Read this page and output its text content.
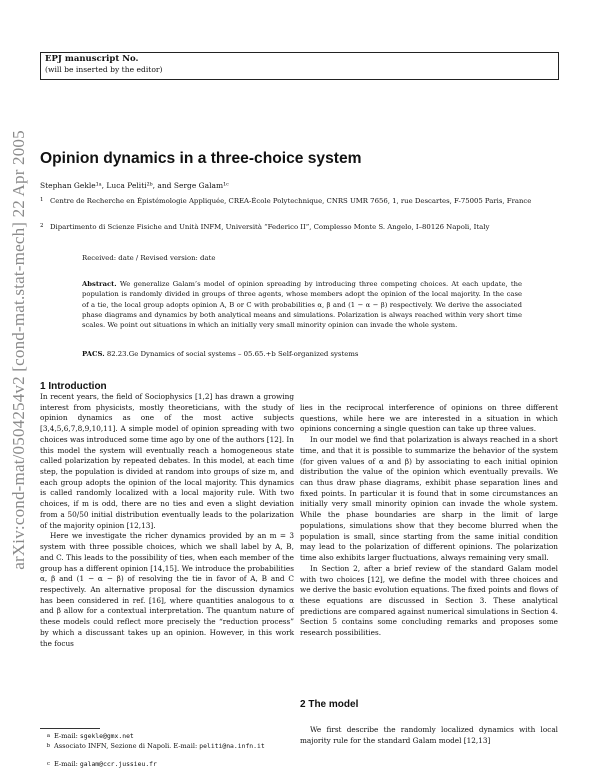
EPJ manuscript No.
(will be inserted by the editor)
arXiv:cond-mat/0504254v2 [cond-mat.stat-mech] 22 Apr 2005 Opinion dynamics in a three-choice system
Stephan Gekle¹ᵃ, Luca Peliti²ᵇ, and Serge Galam¹ᶜ
1 Centre de Recherche en Épistémologie Appliquée, CREA-École Polytechnique, CNRS UMR 7656, 1, rue Descartes, F-75005 Paris, France
2 Dipartimento di Scienze Fisiche and Unità INFM, Università “Federico II”, Complesso Monte S. Angelo, I–80126 Napoli, Italy
Received: date / Revised version: date
Abstract. We generalize Galam’s model of opinion spreading by introducing three competing choices. At each update, the population is randomly divided in groups of three agents, whose members adopt the opinion of the local majority. In the case of a tie, the local group adopts opinion A, B or C with probabilities α, β and (1 − α − β) respectively. We derive the associated phase diagrams and dynamics by both analytical means and simulations. Polarization is always reached within very short time scales. We point out situations in which an initially very small minority opinion can invade the whole system.
PACS. 82.23.Ge Dynamics of social systems – 05.65.+b Self-organized systems
1 Introduction

In recent years, the field of Sociophysics [1,2] has drawn a growing interest from physicists, mostly theoreticians, with the study of opinion dynamics as one of the most active subjects [3,4,5,6,7,8,9,10,11]. A simple model of opinion spreading with two choices was introduced some time ago by one of the authors [12]. In this model the system will eventually reach a homogeneous state called polarization by repeated debates. In this model, at each time step, the population is divided at random into groups of size m, and each group adopts the opinion of the local majority. This dynamics is called randomly localized with a local majority rule. With two choices, if m is odd, there are no ties and even a slight deviation from a 50/50 initial distribution eventually leads to the polarization of the majority opinion [12,13].

Here we investigate the richer dynamics provided by an m = 3 system with three possible choices, which we shall label by A, B, and C. This leads to the possibility of ties, when each member of the group has a different opinion [14,15]. We introduce the probabilities α, β and (1 − α − β) of resolving the tie in favor of A, B and C respectively. An alternative proposal for the discussion dynamics has been considered in ref. [16], where quantities analogous to α and β allow for a contextual interpretation. The quantum nature of these models could reflect more precisely the “reduction process” by which a discussant takes up an opinion. However, in this work the focus

lies in the reciprocal interference of opinions on three different questions, while here we are interested in a situation in which opinions concerning a single question can take up three values.

In our model we find that polarization is always reached in a short time, and that it is possible to summarize the behavior of the system (for given values of α and β) by associating to each initial opinion distribution the value of the opinion which eventually prevails. We can thus draw phase diagrams, exhibit phase separation lines and fixed points. In particular it is found that in some circumstances an initially very small minority opinion can invade the whole system. While the phase boundaries are sharp in the limit of large populations, simulations show that they become blurred when the population is small, since starting from the same initial condition may lead to the polarization of different opinions. The polarization time also exhibits larger fluctuations, always remaining very small.

In Section 2, after a brief review of the standard Galam model with two choices [12], we define the model with three choices and we derive the basic evolution equations. The fixed points and flows of these equations are discussed in Section 3. These analytical predictions are compared against numerical simulations in Section 4. Section 5 contains some concluding remarks and proposes some research possibilities.

2 The model

We first describe the randomly localized dynamics with local majority rule for the standard Galam model [12,13]

a E-mail: sgekle@gmx.net
b Associato INFN, Sezione di Napoli. E-mail: peliti@na.infn.it
c E-mail: galam@ccr.jussieu.fr
